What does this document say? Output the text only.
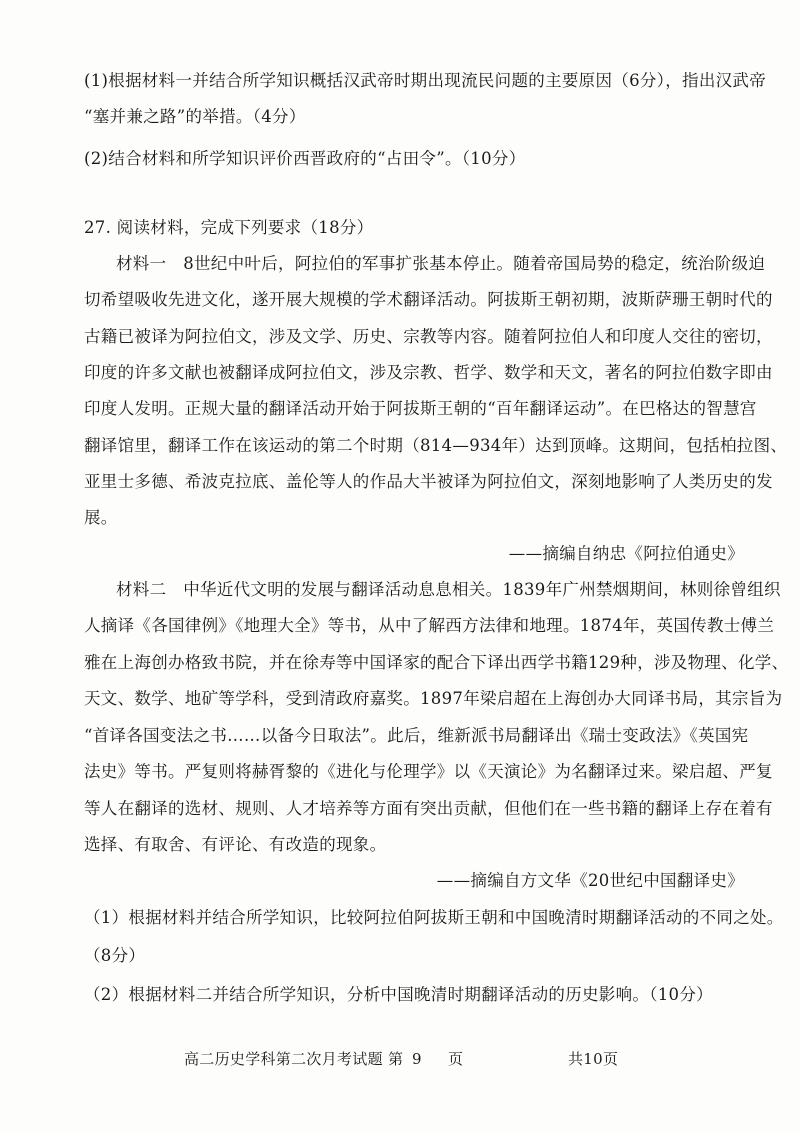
(1)根据材料一并结合所学知识概括汉武帝时期出现流民问题的主要原因（6分），指出汉武帝
“塞并兼之路”的举措。（4分）
(2)结合材料和所学知识评价西晋政府的“占田令”。（10分）
27. 阅读材料，完成下列要求（18分）
材料一　8世纪中叶后，阿拉伯的军事扩张基本停止。随着帝国局势的稳定，统治阶级迫
切希望吸收先进文化，遂开展大规模的学术翻译活动。阿拔斯王朝初期，波斯萨珊王朝时代的
古籍已被译为阿拉伯文，涉及文学、历史、宗教等内容。随着阿拉伯人和印度人交往的密切，
印度的许多文献也被翻译成阿拉伯文，涉及宗教、哲学、数学和天文，著名的阿拉伯数字即由
印度人发明。正规大量的翻译活动开始于阿拔斯王朝的“百年翻译运动”。在巴格达的智慧宫
翻译馆里，翻译工作在该运动的第二个时期（814—934年）达到顶峰。这期间，包括柏拉图、
亚里士多德、希波克拉底、盖伦等人的作品大半被译为阿拉伯文，深刻地影响了人类历史的发
展。
——摘编自纳忠《阿拉伯通史》
材料二　中华近代文明的发展与翻译活动息息相关。1839年广州禁烟期间，林则徐曾组织
人摘译《各国律例》《地理大全》等书，从中了解西方法律和地理。1874年，英国传教士傅兰
雅在上海创办格致书院，并在徐寿等中国译家的配合下译出西学书籍129种，涉及物理、化学、
天文、数学、地矿等学科，受到清政府嘉奖。1897年梁启超在上海创办大同译书局，其宗旨为
“首译各国变法之书……以备今日取法”。此后，维新派书局翻译出《瑞士变政法》《英国宪
法史》等书。严复则将赫胥黎的《进化与伦理学》以《天演论》为名翻译过来。梁启超、严复
等人在翻译的选材、规则、人才培养等方面有突出贡献，但他们在一些书籍的翻译上存在着有
选择、有取舍、有评论、有改造的现象。
——摘编自方文华《20世纪中国翻译史》
（1）根据材料并结合所学知识，比较阿拉伯阿拔斯王朝和中国晚清时期翻译活动的不同之处。
（8分）
（2）根据材料二并结合所学知识，分析中国晚清时期翻译活动的历史影响。（10分）
高二历史学科第二次月考试题 第 9 页	共10页
